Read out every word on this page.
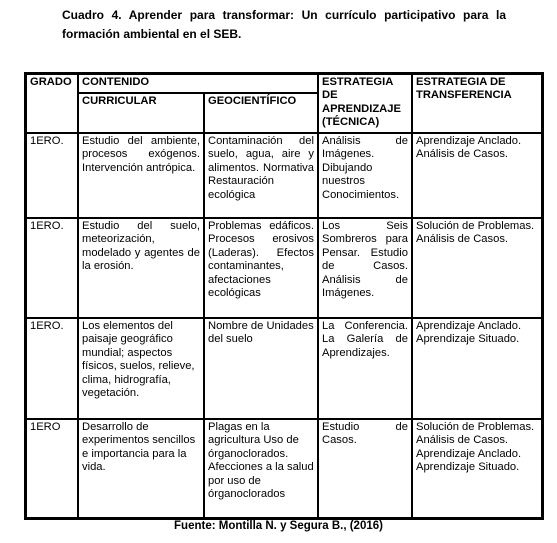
Cuadro 4. Aprender para transformar: Un currículo participativo para la formación ambiental en el SEB.
GRADO	CONTENIDO		ESTRATEGIA DE APRENDIZAJE (TÉCNICA)	ESTRATEGIA DE TRANSFERENCIA
	CURRICULAR	GEOCIENTÍFICO		
1ERO.	Estudio del ambiente, procesos exógenos. Intervención antrópica.	Contaminación del suelo, agua, aire y alimentos. Normativa Restauración ecológica	Análisis de Imágenes. Dibujando nuestros Conocimientos.	Aprendizaje Anclado. Análisis de Casos.
1ERO.	Estudio del suelo, meteorización, modelado y agentes de la erosión.	Problemas edáficos. Procesos erosivos (Laderas). Efectos contaminantes, afectaciones ecológicas	Los Seis Sombreros para Pensar. Estudio de Casos. Análisis de Imágenes.	Solución de Problemas. Análisis de Casos.
1ERO.	Los elementos del paisaje geográfico mundial; aspectos físicos, suelos, relieve, clima, hidrografía, vegetación.	Nombre de Unidades del suelo	La Conferencia. La Galería de Aprendizajes.	Aprendizaje Anclado. Aprendizaje Situado.
1ERO	Desarrollo de experimentos sencillos e importancia para la vida.	Plagas en la agricultura Uso de órganoclorados. Afecciones a la salud por uso de órganoclorados	Estudio de Casos.	Solución de Problemas. Análisis de Casos. Aprendizaje Anclado. Aprendizaje Situado.
Fuente: Montilla N. y Segura B., (2016)
